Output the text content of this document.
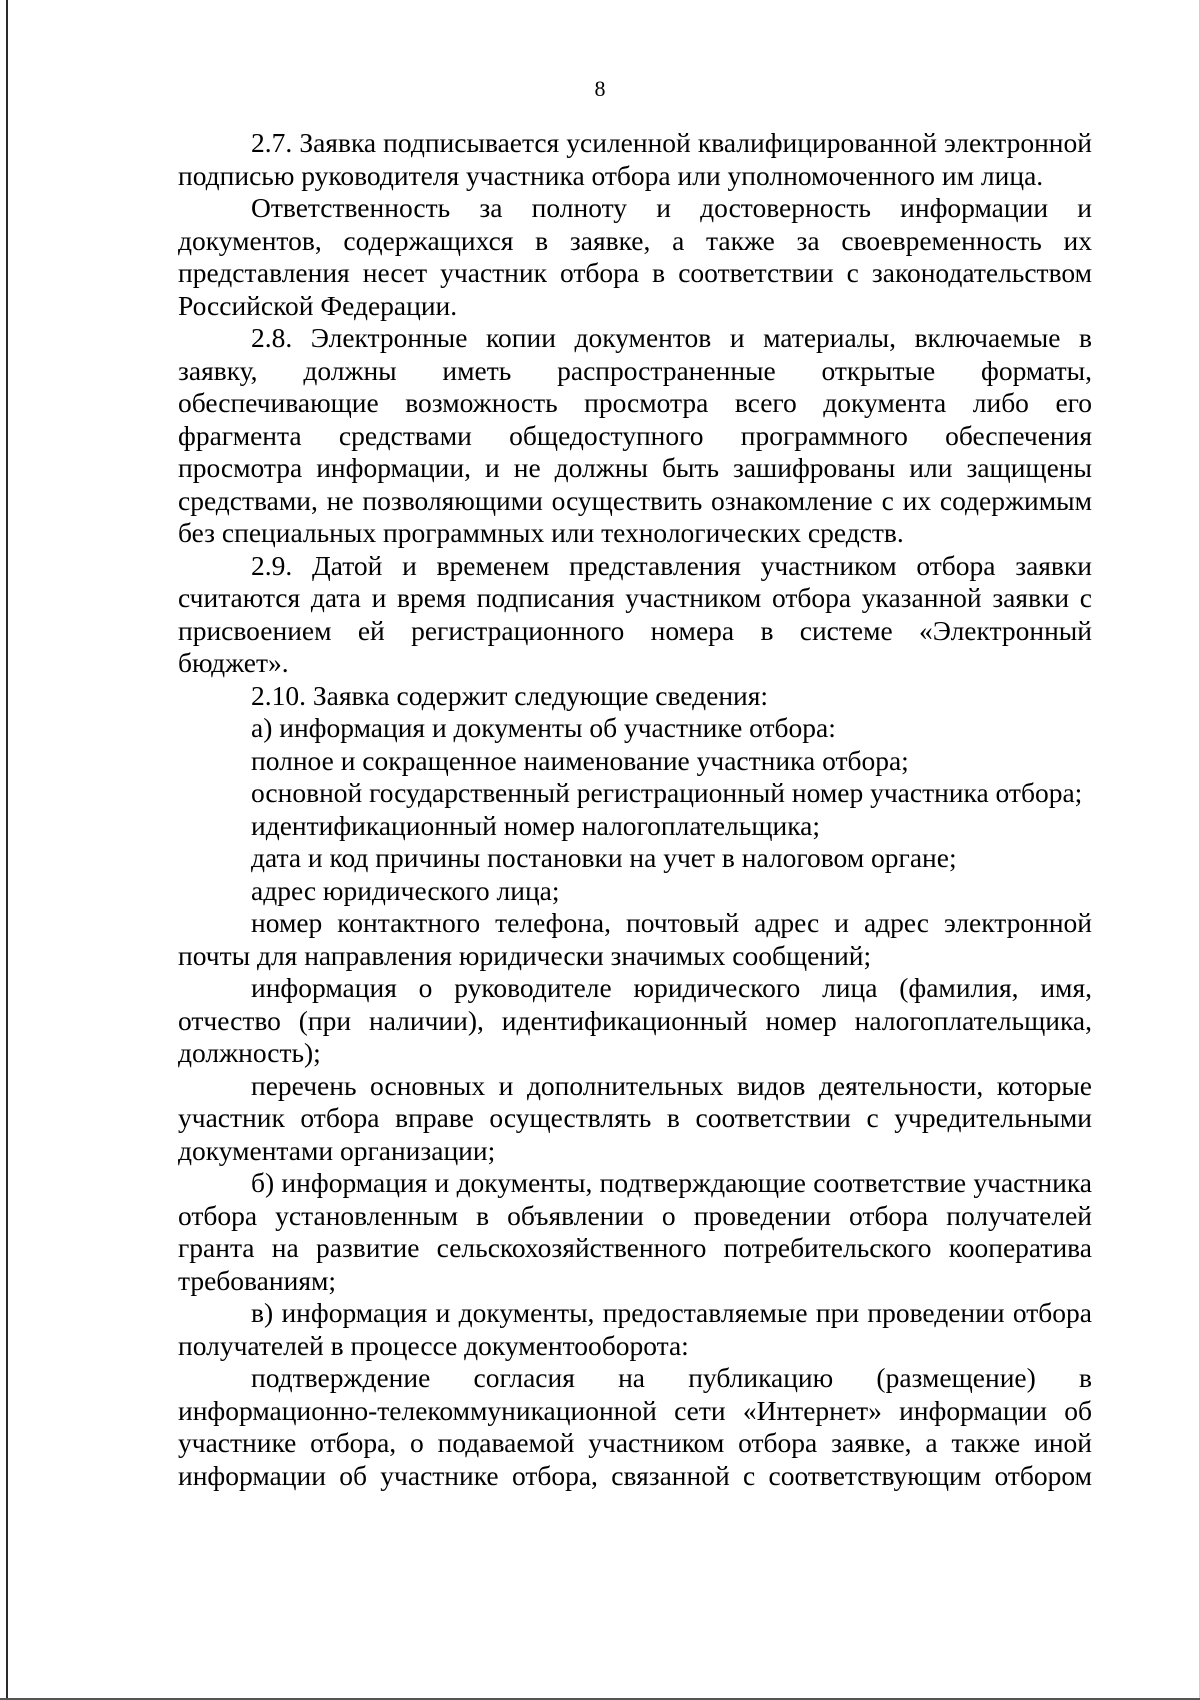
8

2.7. Заявка подписывается усиленной квалифицированной электронной подписью руководителя участника отбора или уполномоченного им лица.

Ответственность за полноту и достоверность информации и документов, содержащихся в заявке, а также за своевременность их представления несет участник отбора в соответствии с законодательством Российской Федерации.

2.8. Электронные копии документов и материалы, включаемые в заявку, должны иметь распространенные открытые форматы, обеспечивающие возможность просмотра всего документа либо его фрагмента средствами общедоступного программного обеспечения просмотра информации, и не должны быть зашифрованы или защищены средствами, не позволяющими осуществить ознакомление с их содержимым без специальных программных или технологических средств.

2.9. Датой и временем представления участником отбора заявки считаются дата и время подписания участником отбора указанной заявки с присвоением ей регистрационного номера в системе «Электронный бюджет».

2.10. Заявка содержит следующие сведения:

а) информация и документы об участнике отбора:

полное и сокращенное наименование участника отбора;

основной государственный регистрационный номер участника отбора;

идентификационный номер налогоплательщика;

дата и код причины постановки на учет в налоговом органе;

адрес юридического лица;

номер контактного телефона, почтовый адрес и адрес электронной почты для направления юридически значимых сообщений;

информация о руководителе юридического лица (фамилия, имя, отчество (при наличии), идентификационный номер налогоплательщика, должность);

перечень основных и дополнительных видов деятельности, которые участник отбора вправе осуществлять в соответствии с учредительными документами организации;

б) информация и документы, подтверждающие соответствие участника отбора установленным в объявлении о проведении отбора получателей гранта на развитие сельскохозяйственного потребительского кооператива требованиям;

в) информация и документы, предоставляемые при проведении отбора получателей в процессе документооборота:

подтверждение согласия на публикацию (размещение) в информационно-телекоммуникационной сети «Интернет» информации об участнике отбора, о подаваемой участником отбора заявке, а также иной информации об участнике отбора, связанной с соответствующим отбором
